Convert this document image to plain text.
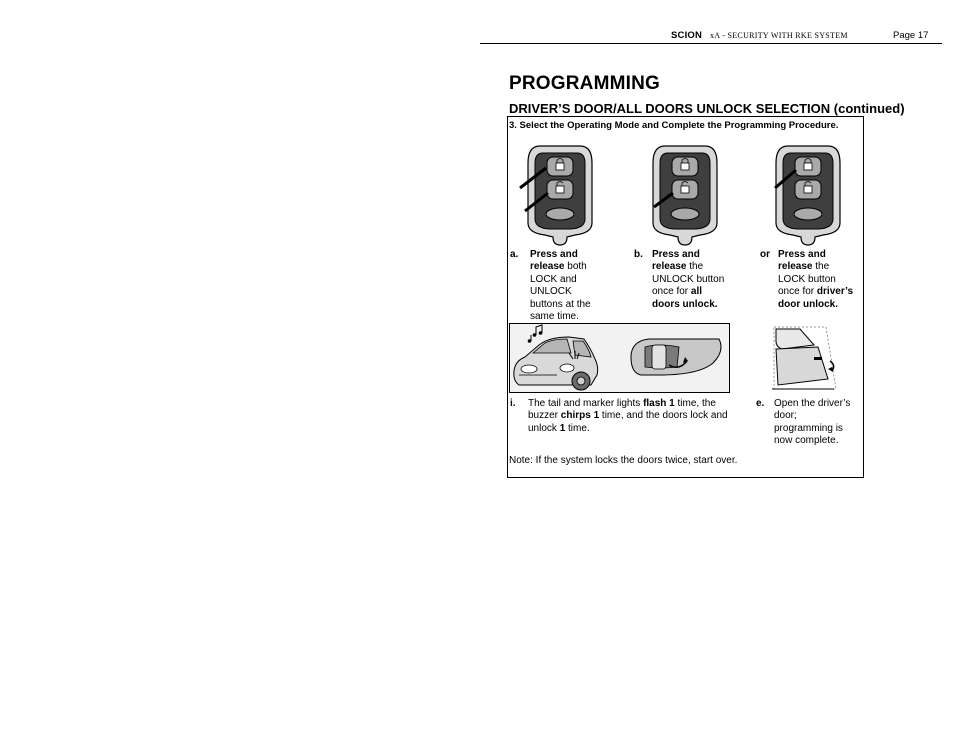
SCION xA - SECURITY WITH RKE SYSTEM	Page 17
PROGRAMMING
DRIVER’S DOOR/ALL DOORS UNLOCK SELECTION (continued)
3. Select the Operating Mode and Complete the Programming Procedure.
a. Press and
release both
LOCK and
UNLOCK
buttons at the
same time.
b. Press and
release the
UNLOCK button
once for all
doors unlock.
or Press and
release the
LOCK button
once for driver’s
door unlock.
i. The tail and marker lights flash 1 time, the
buzzer chirps 1 time, and the doors lock and
unlock 1 time.
e. Open the driver’s
door;
programming is
now complete.
Note: If the system locks the doors twice, start over.
